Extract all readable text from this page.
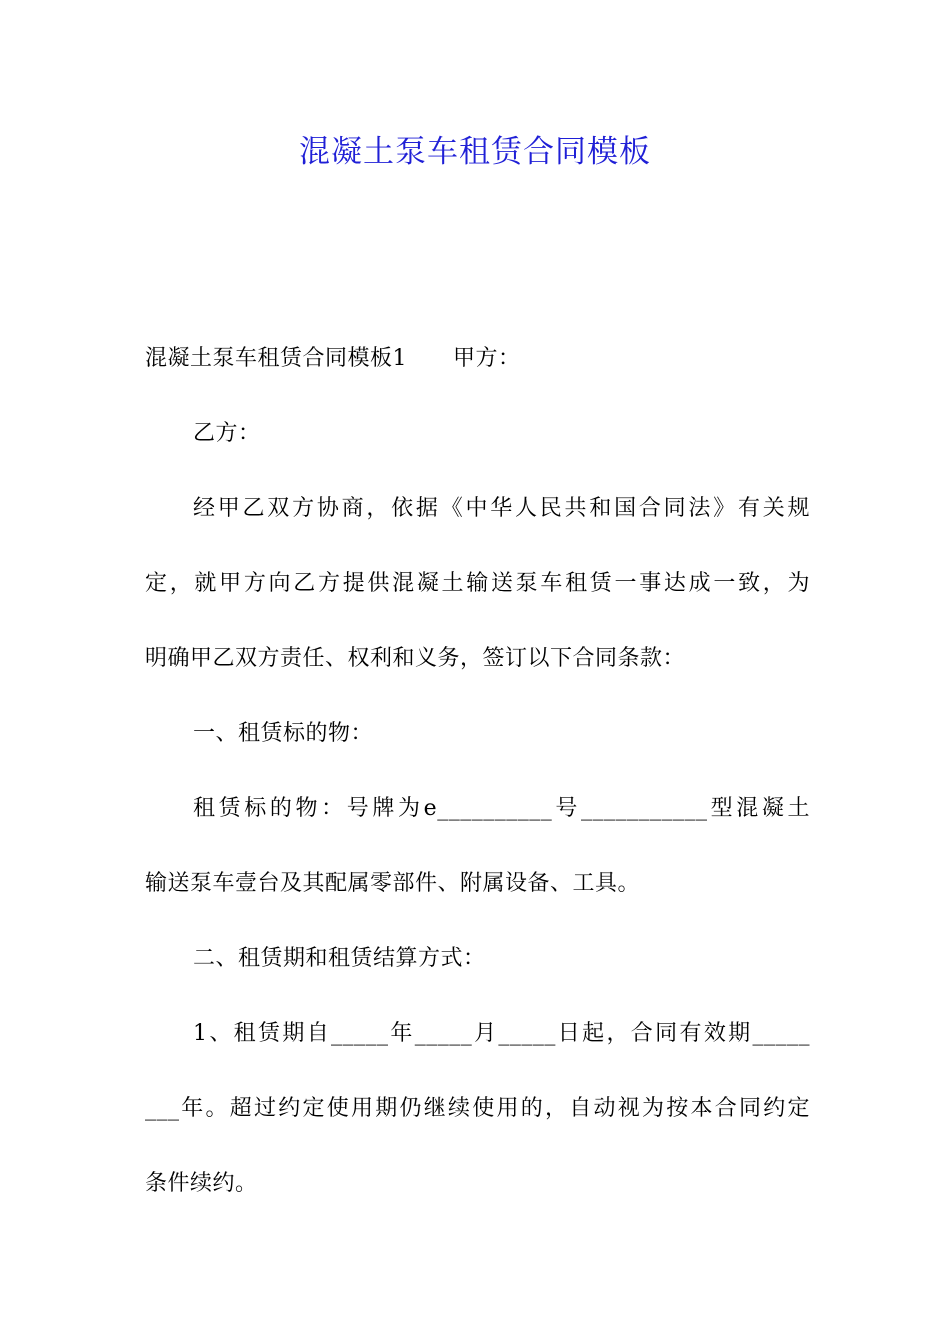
混凝土泵车租赁合同模板
混凝土泵车租赁合同模板1 甲方：
乙方：
经甲乙双方协商，依据《中华人民共和国合同法》有关规
定，就甲方向乙方提供混凝土输送泵车租赁一事达成一致，为
明确甲乙双方责任、权利和义务，签订以下合同条款：
一、租赁标的物：
租赁标的物：号牌为e__________号___________型混凝土
输送泵车壹台及其配属零部件、附属设备、工具。
二、租赁期和租赁结算方式：
1、租赁期自_____年_____月_____日起，合同有效期_____
___年。超过约定使用期仍继续使用的，自动视为按本合同约定
条件续约。
